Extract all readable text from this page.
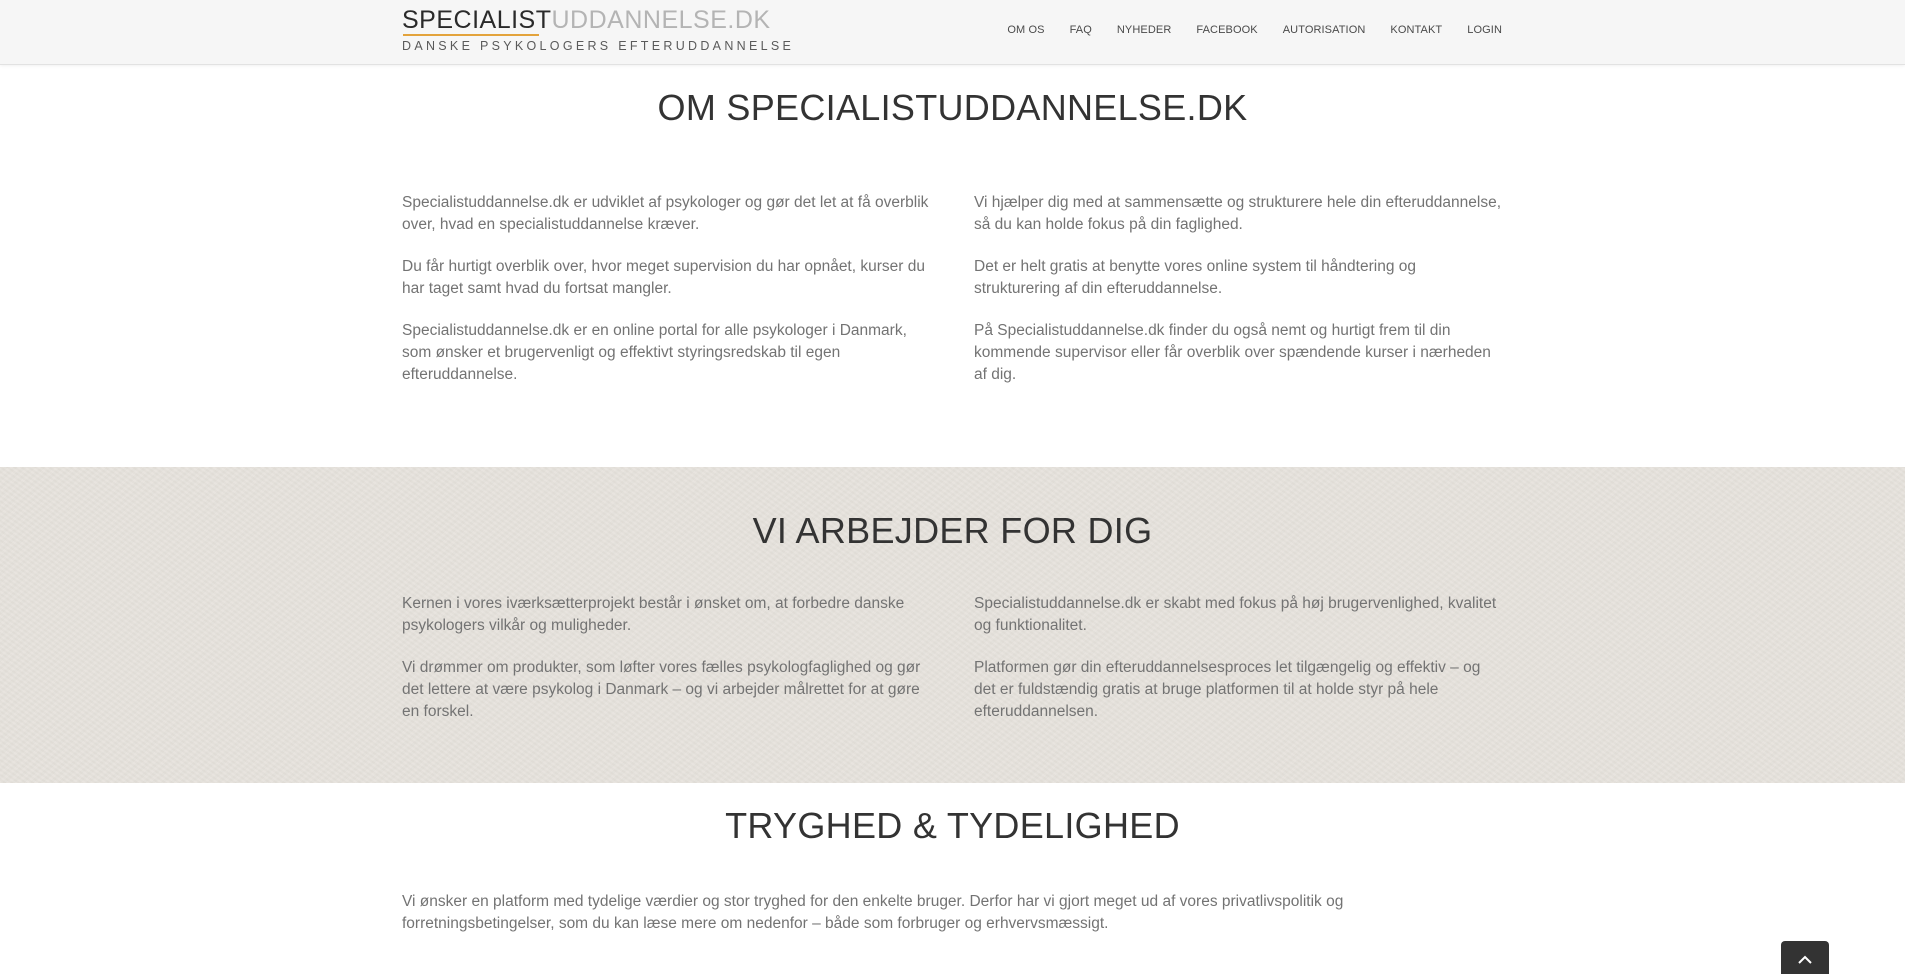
SPECIALISTUDDANNELSE.DK
DANSKE PSYKOLOGERS EFTERUDDANNELSE
OM OS FAQ NYHEDER FACEBOOK AUTORISATION KONTAKT LOGIN
OM SPECIALISTUDDANNELSE.DK

Specialistuddannelse.dk er udviklet af psykologer og gør det let at få overblik over, hvad en specialistuddannelse kræver.

Du får hurtigt overblik over, hvor meget supervision du har opnået, kurser du har taget samt hvad du fortsat mangler.

Specialistuddannelse.dk er en online portal for alle psykologer i Danmark, som ønsker et brugervenligt og effektivt styringsredskab til egen efteruddannelse.

Vi hjælper dig med at sammensætte og strukturere hele din efteruddannelse, så du kan holde fokus på din faglighed.

Det er helt gratis at benytte vores online system til håndtering og strukturering af din efteruddannelse.

På Specialistuddannelse.dk finder du også nemt og hurtigt frem til din kommende supervisor eller får overblik over spændende kurser i nærheden af dig.

VI ARBEJDER FOR DIG

Kernen i vores iværksætterprojekt består i ønsket om, at forbedre danske psykologers vilkår og muligheder.

Vi drømmer om produkter, som løfter vores fælles psykologfaglighed og gør det lettere at være psykolog i Danmark – og vi arbejder målrettet for at gøre en forskel.

Specialistuddannelse.dk er skabt med fokus på høj brugervenlighed, kvalitet og funktionalitet.

Platformen gør din efteruddannelsesproces let tilgængelig og effektiv – og det er fuldstændig gratis at bruge platformen til at holde styr på hele efteruddannelsen.

TRYGHED & TYDELIGHED
Vi ønsker en platform med tydelige værdier og stor tryghed for den enkelte bruger. Derfor har vi gjort meget ud af vores privatlivspolitik og forretningsbetingelser, som du kan læse mere om nedenfor – både som forbruger og erhvervsmæssigt.
